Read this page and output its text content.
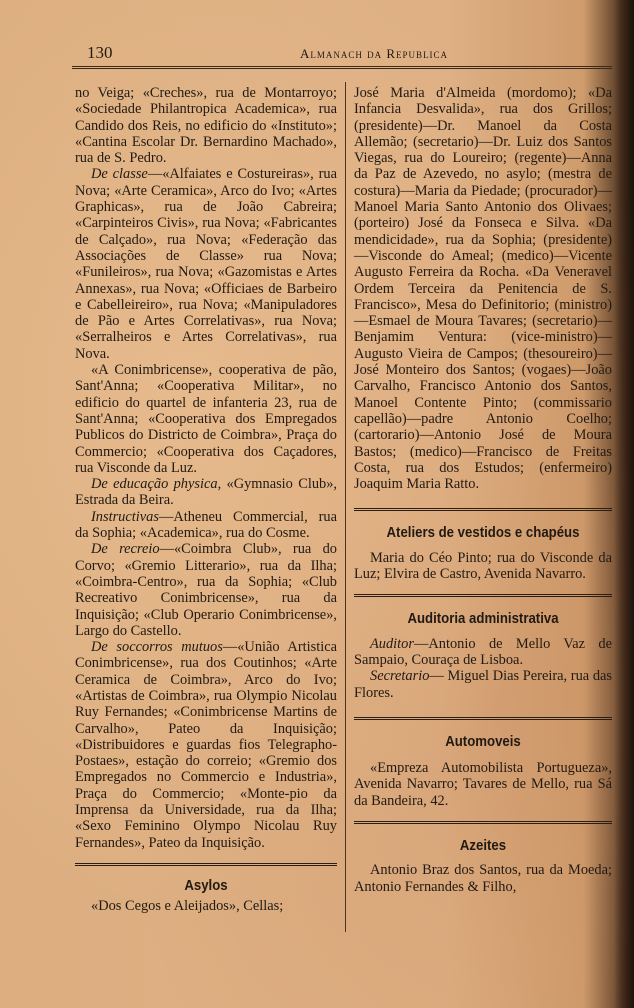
130	Almanach da Republica

no Veiga; «Creches», rua de Montarroyo; «Sociedade Philantropica Academica», rua Candido dos Reis, no edificio do «Instituto»; «Cantina Escolar Dr. Bernardino Machado», rua de S. Pedro.

De classe—«Alfaiates e Costureiras», rua Nova; «Arte Ceramica», Arco do Ivo; «Artes Graphicas», rua de João Cabreira; «Carpinteiros Civis», rua Nova; «Fabricantes de Calçado», rua Nova; «Federação das Associações de Classe» rua Nova; «Funileiros», rua Nova; «Gazomistas e Artes Annexas», rua Nova; «Officiaes de Barbeiro e Cabelleireiro», rua Nova; «Manipuladores de Pão e Artes Correlativas», rua Nova; «Serralheiros e Artes Correlativas», rua Nova.

«A Conimbricense», cooperativa de pão, Sant'Anna; «Cooperativa Militar», no edificio do quartel de infanteria 23, rua de Sant'Anna; «Cooperativa dos Empregados Publicos do Districto de Coimbra», Praça do Commercio; «Cooperativa dos Caçadores, rua Visconde da Luz.

De educação physica, «Gymnasio Club», Estrada da Beira.

Instructivas—Atheneu Commercial, rua da Sophia; «Academica», rua do Cosme.

De recreio—«Coimbra Club», rua do Corvo; «Gremio Litterario», rua da Ilha; «Coimbra-Centro», rua da Sophia; «Club Recreativo Conimbricense», rua da Inquisição; «Club Operario Conimbricense», Largo do Castello.

De soccorros mutuos—«União Artistica Conimbricense», rua dos Coutinhos; «Arte Ceramica de Coimbra», Arco do Ivo; «Artistas de Coimbra», rua Olympio Nicolau Ruy Fernandes; «Conimbricense Martins de Carvalho», Pateo da Inquisição; «Distribuidores e guardas fios Telegrapho-Postaes», estação do correio; «Gremio dos Empregados no Commercio e Industria», Praça do Commercio; «Monte-pio da Imprensa da Universidade, rua da Ilha; «Sexo Feminino Olympo Nicolau Ruy Fernandes», Pateo da Inquisição.

Asylos

«Dos Cegos e Aleijados», Cellas;

José Maria d'Almeida (mordomo); «Da Infancia Desvalida», rua dos Grillos; (presidente)—Dr. Manoel da Costa Allemão; (secretario)—Dr. Luiz dos Santos Viegas, rua do Loureiro; (regente)—Anna da Paz de Azevedo, no asylo; (mestra de costura)—Maria da Piedade; (procurador)—Manoel Maria Santo Antonio dos Olivaes; (porteiro) José da Fonseca e Silva. «Da mendicidade», rua da Sophia; (presidente) —Visconde do Ameal; (medico)—Vicente Augusto Ferreira da Rocha. «Da Veneravel Ordem Terceira da Penitencia de S. Francisco», Mesa do Definitorio; (ministro)—Esmael de Moura Tavares; (secretario)—Benjamim Ventura: (vice-ministro)—Augusto Vieira de Campos; (thesoureiro)—José Monteiro dos Santos; (vogaes)—João Carvalho, Francisco Antonio dos Santos, Manoel Contente Pinto; (commissario capellão)—padre Antonio Coelho; (cartorario)—Antonio José de Moura Bastos; (medico)—Francisco de Freitas Costa, rua dos Estudos; (enfermeiro) Joaquim Maria Ratto.

Ateliers de vestidos e chapéus

Maria do Céo Pinto; rua do Visconde da Luz; Elvira de Castro, Avenida Navarro.

Auditoria administrativa

Auditor—Antonio de Mello Vaz de Sampaio, Couraça de Lisboa.

Secretario— Miguel Dias Pereira, rua das Flores.

Automoveis

«Empreza Automobilista Portugueza», Avenida Navarro; Tavares de Mello, rua Sá da Bandeira, 42.

Azeites

Antonio Braz dos Santos, rua da Moeda; Antonio Fernandes & Filho,
